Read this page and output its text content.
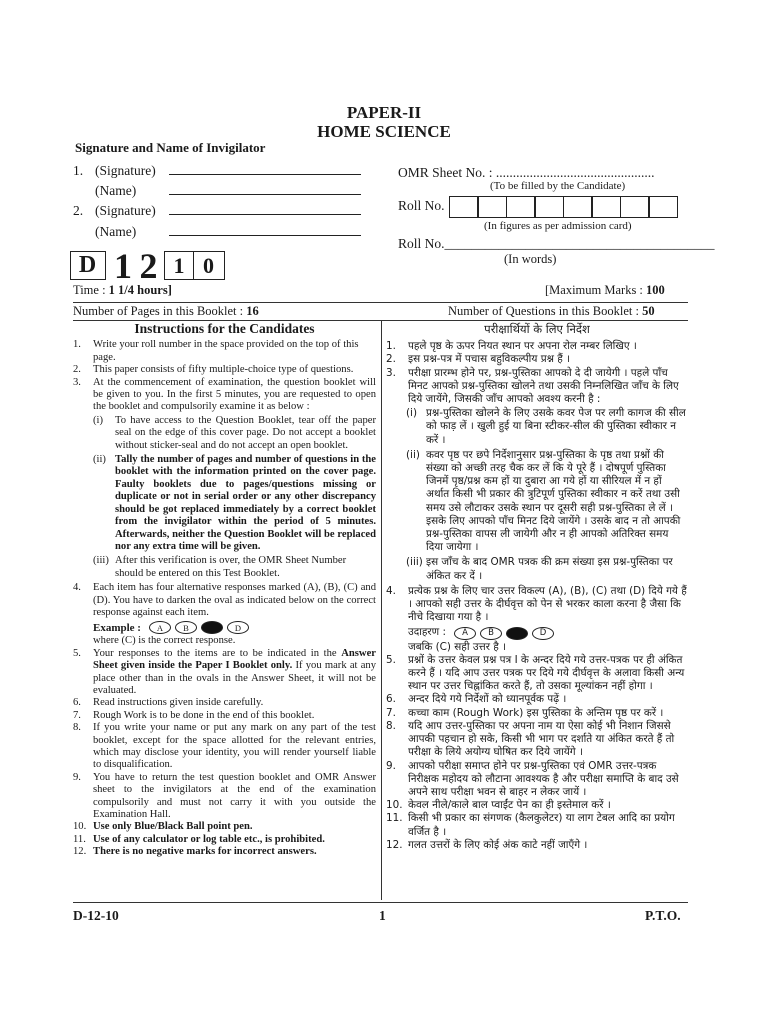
PAPER-II
HOME SCIENCE
Signature and Name of Invigilator
1. (Signature)
(Name)
2. (Signature)
(Name)
OMR Sheet No. : ...............................................
(To be filled by the Candidate)
Roll No.
(In figures as per admission card)
Roll No.________________________________________
(In words)
D 1 2 1 0
Time : 1 1/4 hours]	[Maximum Marks : 100
Number of Pages in this Booklet : 16	Number of Questions in this Booklet : 50
Instructions for the Candidates
1. Write your roll number in the space provided on the top of this page.
2. This paper consists of fifty multiple-choice type of questions.
3. At the commencement of examination, the question booklet will be given to you. In the first 5 minutes, you are requested to open the booklet and compulsorily examine it as below :
(i) To have access to the Question Booklet, tear off the paper seal on the edge of this cover page. Do not accept a booklet without sticker-seal and do not accept an open booklet.
(ii) Tally the number of pages and number of questions in the booklet with the information printed on the cover page. Faulty booklets due to pages/questions missing or duplicate or not in serial order or any other discrepancy should be got replaced immediately by a correct booklet from the invigilator within the period of 5 minutes. Afterwards, neither the Question Booklet will be replaced nor any extra time will be given.
(iii) After this verification is over, the OMR Sheet Number should be entered on this Test Booklet.
4. Each item has four alternative responses marked (A), (B), (C) and (D). You have to darken the oval as indicated below on the correct response against each item.
Example :	A	B	D
where (C) is the correct response.
5. Your responses to the items are to be indicated in the Answer Sheet given inside the Paper I Booklet only. If you mark at any place other than in the ovals in the Answer Sheet, it will not be evaluated.
6. Read instructions given inside carefully.
7. Rough Work is to be done in the end of this booklet.
8. If you write your name or put any mark on any part of the test booklet, except for the space allotted for the relevant entries, which may disclose your identity, you will render yourself liable to disqualification.
9. You have to return the test question booklet and OMR Answer sheet to the invigilators at the end of the examination compulsorily and must not carry it with you outside the Examination Hall.
10. Use only Blue/Black Ball point pen.
11. Use of any calculator or log table etc., is prohibited.
12. There is no negative marks for incorrect answers.
परीक्षार्थियों के लिए निर्देश
1. पहले पृष्ठ के ऊपर नियत स्थान पर अपना रोल नम्बर लिखिए ।
2. इस प्रश्न-पत्र में पचास बहुविकल्पीय प्रश्न हैं ।
3. परीक्षा प्रारम्भ होने पर, प्रश्न-पुस्तिका आपको दे दी जायेगी । पहले पाँच मिनट आपको प्रश्न-पुस्तिका खोलने तथा उसकी निम्नलिखित जाँच के लिए दिये जायेंगे, जिसकी जाँच आपको अवश्य करनी है :
(i) प्रश्न-पुस्तिका खोलने के लिए उसके कवर पेज पर लगी कागज की सील को फाड़ लें । खुली हुई या बिना स्टीकर-सील की पुस्तिका स्वीकार न करें ।
(ii) कवर पृष्ठ पर छपे निर्देशानुसार प्रश्न-पुस्तिका के पृष्ठ तथा प्रश्नों की संख्या को अच्छी तरह चैक कर लें कि ये पूरे हैं । दोषपूर्ण पुस्तिका जिनमें पृष्ठ/प्रश्न कम हों या दुबारा आ गये हों या सीरियल में न हों अर्थात किसी भी प्रकार की त्रुटिपूर्ण पुस्तिका स्वीकार न करें तथा उसी समय उसे लौटाकर उसके स्थान पर दूसरी सही प्रश्न-पुस्तिका ले लें । इसके लिए आपको पाँच मिनट दिये जायेंगे । उसके बाद न तो आपकी प्रश्न-पुस्तिका वापस ली जायेगी और न ही आपको अतिरिक्त समय दिया जायेगा ।
(iii) इस जाँच के बाद OMR पत्रक की क्रम संख्या इस प्रश्न-पुस्तिका पर अंकित कर दें ।
4. प्रत्येक प्रश्न के लिए चार उत्तर विकल्प (A), (B), (C) तथा (D) दिये गये हैं । आपको सही उत्तर के दीर्घवृत्त को पेन से भरकर काला करना है जैसा कि नीचे दिखाया गया है ।
उदाहरण :	A	B	D
जबकि (C) सही उत्तर है ।
5. प्रश्नों के उत्तर केवल प्रश्न पत्र I के अन्दर दिये गये उत्तर-पत्रक पर ही अंकित करने हैं । यदि आप उत्तर पत्रक पर दिये गये दीर्घवृत्त के अलावा किसी अन्य स्थान पर उत्तर चिह्नांकित करते हैं, तो उसका मूल्यांकन नहीं होगा ।
6. अन्दर दिये गये निर्देशों को ध्यानपूर्वक पढ़ें ।
7. कच्चा काम (Rough Work) इस पुस्तिका के अन्तिम पृष्ठ पर करें ।
8. यदि आप उत्तर-पुस्तिका पर अपना नाम या ऐसा कोई भी निशान जिससे आपकी पहचान हो सके, किसी भी भाग पर दर्शाते या अंकित करते हैं तो परीक्षा के लिये अयोग्य घोषित कर दिये जायेंगे ।
9. आपको परीक्षा समाप्त होने पर प्रश्न-पुस्तिका एवं OMR उत्तर-पत्रक निरीक्षक महोदय को लौटाना आवश्यक है और परीक्षा समाप्ति के बाद उसे अपने साथ परीक्षा भवन से बाहर न लेकर जायें ।
10. केवल नीले/काले बाल प्वाईंट पेन का ही इस्तेमाल करें ।
11. किसी भी प्रकार का संगणक (कैलकुलेटर) या लाग टेबल आदि का प्रयोग वर्जित है ।
12. गलत उत्तरों के लिए कोई अंक काटे नहीं जाएँगे ।
D-12-10	1	P.T.O.
